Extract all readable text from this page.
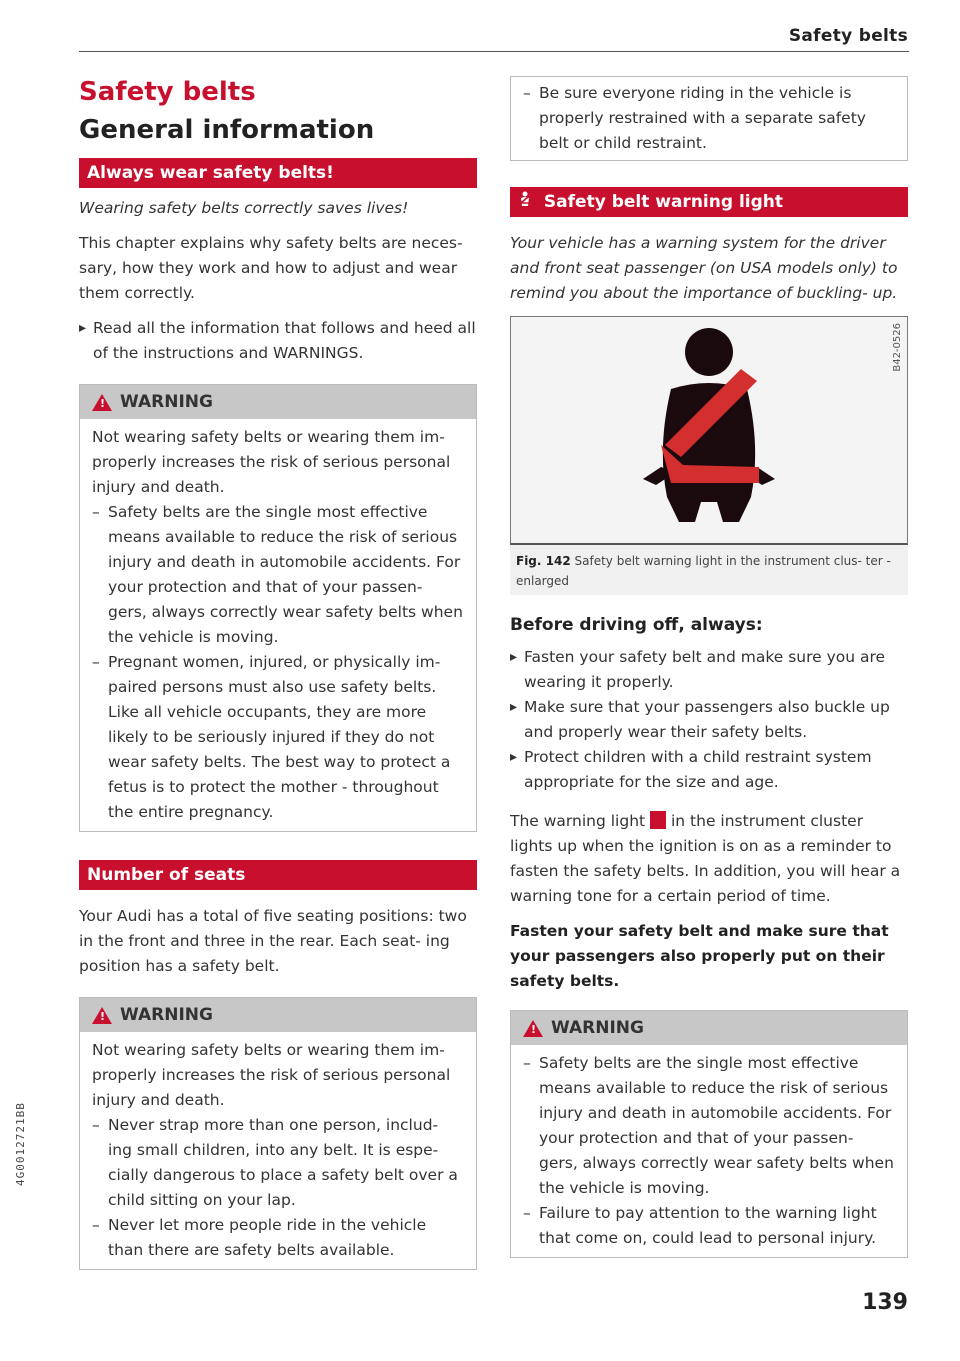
Safety belts
4G0012721BB
Safety belts
General information
Always wear safety belts!
Wearing safety belts correctly saves lives!

This chapter explains why safety belts are neces- sary, how they work and how to adjust and wear them correctly.

▸ Read all the information that follows and heed all of the instructions and WARNINGS.

!
WARNING
Not wearing safety belts or wearing them im- properly increases the risk of serious personal injury and death.
– Safety belts are the single most effective means available to reduce the risk of serious injury and death in automobile accidents. For your protection and that of your passen- gers, always correctly wear safety belts when the vehicle is moving.
– Pregnant women, injured, or physically im- paired persons must also use safety belts. Like all vehicle occupants, they are more likely to be seriously injured if they do not wear safety belts. The best way to protect a fetus is to protect the mother - throughout the entire pregnancy.
Number of seats

Your Audi has a total of five seating positions: two in the front and three in the rear. Each seat- ing position has a safety belt.

!
WARNING
Not wearing safety belts or wearing them im- properly increases the risk of serious personal injury and death.
– Never strap more than one person, includ- ing small children, into any belt. It is espe- cially dangerous to place a safety belt over a child sitting on your lap.
– Never let more people ride in the vehicle than there are safety belts available.
– Be sure everyone riding in the vehicle is properly restrained with a separate safety belt or child restraint.
Safety belt warning light
Your vehicle has a warning system for the driver and front seat passenger (on USA models only) to remind you about the importance of buckling- up.
B42-0526
Fig. 142 Safety belt warning light in the instrument clus- ter - enlarged
Before driving off, always:

▸ Fasten your safety belt and make sure you are wearing it properly.

▸ Make sure that your passengers also buckle up and properly wear their safety belts.

▸ Protect children with a child restraint system appropriate for the size and age.

The warning light in the instrument cluster lights up when the ignition is on as a reminder to fasten the safety belts. In addition, you will hear a warning tone for a certain period of time.

Fasten your safety belt and make sure that your passengers also properly put on their safety belts.

!
WARNING
– Safety belts are the single most effective means available to reduce the risk of serious injury and death in automobile accidents. For your protection and that of your passen- gers, always correctly wear safety belts when the vehicle is moving.
– Failure to pay attention to the warning light that come on, could lead to personal injury.
139
